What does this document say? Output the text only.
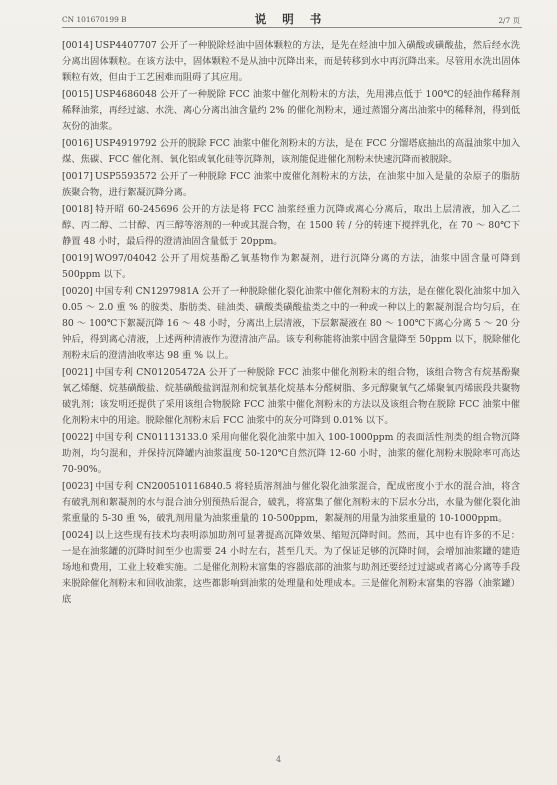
CN 101670199 B	说 明 书	2/7 页

[0014] USP4407707 公开了一种脱除烃油中固体颗粒的方法，是先在烃油中加入磺酸或磺酸盐，然后经水洗分离出固体颗粒。在该方法中，固体颗粒不是从油中沉降出来，而是转移到水中再沉降出来。尽管用水洗出固体颗粒有效，但由于工艺困难而阻碍了其应用。

[0015] USP4686048 公开了一种脱除 FCC 油浆中催化剂粉末的方法，先用沸点低于 100℃的轻油作稀释剂稀释油浆，再经过滤、水洗、离心分离出油含量约 2% 的催化剂粉末，通过蒸馏分离出油浆中的稀释剂，得到低灰份的油浆。

[0016] USP4919792 公开的脱除 FCC 油浆中催化剂粉末的方法，是在 FCC 分馏塔底抽出的高温油浆中加入煤、焦碳、FCC 催化剂、氧化铝或氧化硅等沉降剂，该剂能促进催化剂粉末快速沉降而被脱除。

[0017] USP5593572 公开了一种脱除 FCC 油浆中废催化剂粉末的方法，在油浆中加入是量的杂原子的脂肪族聚合物，进行絮凝沉降分离。

[0018] 特开昭 60-245696 公开的方法是将 FCC 油浆经重力沉降或离心分离后，取出上层清液，加入乙二醇、丙二醇、二甘醇、丙三醇等溶剂的一种或其混合物，在 1500 转 / 分的转速下搅拌乳化，在 70 ～ 80℃下静置 48 小时，最后得的澄清油固含量低于 20ppm。

[0019] WO97/04042 公开了用烷基酚乙氧基物作为絮凝剂，进行沉降分离的方法，油浆中固含量可降到 500ppm 以下。

[0020] 中国专利 CN1297981A 公开了一种脱除催化裂化油浆中催化剂粉末的方法，是在催化裂化油浆中加入 0.05 ～ 2.0 重 % 的胺类、脂肪类、硅油类、磺酸类磺酸盐类之中的一种或一种以上的絮凝剂混合均匀后，在 80 ～ 100℃下絮凝沉降 16 ～ 48 小时，分离出上层清液，下层絮凝液在 80 ～ 100℃下离心分离 5 ～ 20 分钟后，得到离心清液，上述两种清液作为澄清油产品。该专利称能将油浆中固含量降至 50ppm 以下，脱除催化剂粉末后的澄清油收率达 98 重 % 以上。

[0021] 中国专利 CN01205472A 公开了一种脱除 FCC 油浆中催化剂粉末的组合物，该组合物含有烷基酚聚氧乙烯醚、烷基磺酸盐、烷基磺酸盐润湿剂和烷氧基化烷基本分醛树脂、多元醇聚氧气乙烯聚氧丙烯嵌段共聚物破乳剂；该发明还提供了采用该组合物脱除 FCC 油浆中催化剂粉末的方法以及该组合物在脱除 FCC 油浆中催化剂粉末中的用途。脱除催化剂粉末后 FCC 油浆中的灰分可降到 0.01% 以下。

[0022] 中国专利 CN01113133.0 采用向催化裂化油浆中加入 100-1000ppm 的表面活性剂类的组合物沉降助剂，均匀混和，并保持沉降罐内油浆温度 50-120℃自然沉降 12-60 小时，油浆的催化剂粉末脱除率可高达 70-90%。

[0023] 中国专利 CN200510116840.5 将轻质溶剂油与催化裂化油浆混合，配成密度小于水的混合油，将含有破乳剂和絮凝剂的水与混合油分别预热后混合，破乳，将富集了催化剂粉末的下层水分出，水量为催化裂化油浆重量的 5-30 重 %，破乳剂用量为油浆重量的 10-500ppm，絮凝剂的用量为油浆重量的 10-1000ppm。

[0024] 以上这些现有技术均表明添加助剂可显著提高沉降效果、缩短沉降时间。然而，其中也有许多的不足：一是在油浆罐的沉降时间至少也需要 24 小时左右，甚至几天。为了保证足够的沉降时间，会增加油浆罐的建造场地和费用，工业上较难实施。二是催化剂粉末富集的容器底部的油浆与助剂还要经过过滤或者离心分离等手段来脱除催化剂粉末和回收油浆，这些都影响到油浆的处理量和处理成本。三是催化剂粉末富集的容器（油浆罐）底

4
